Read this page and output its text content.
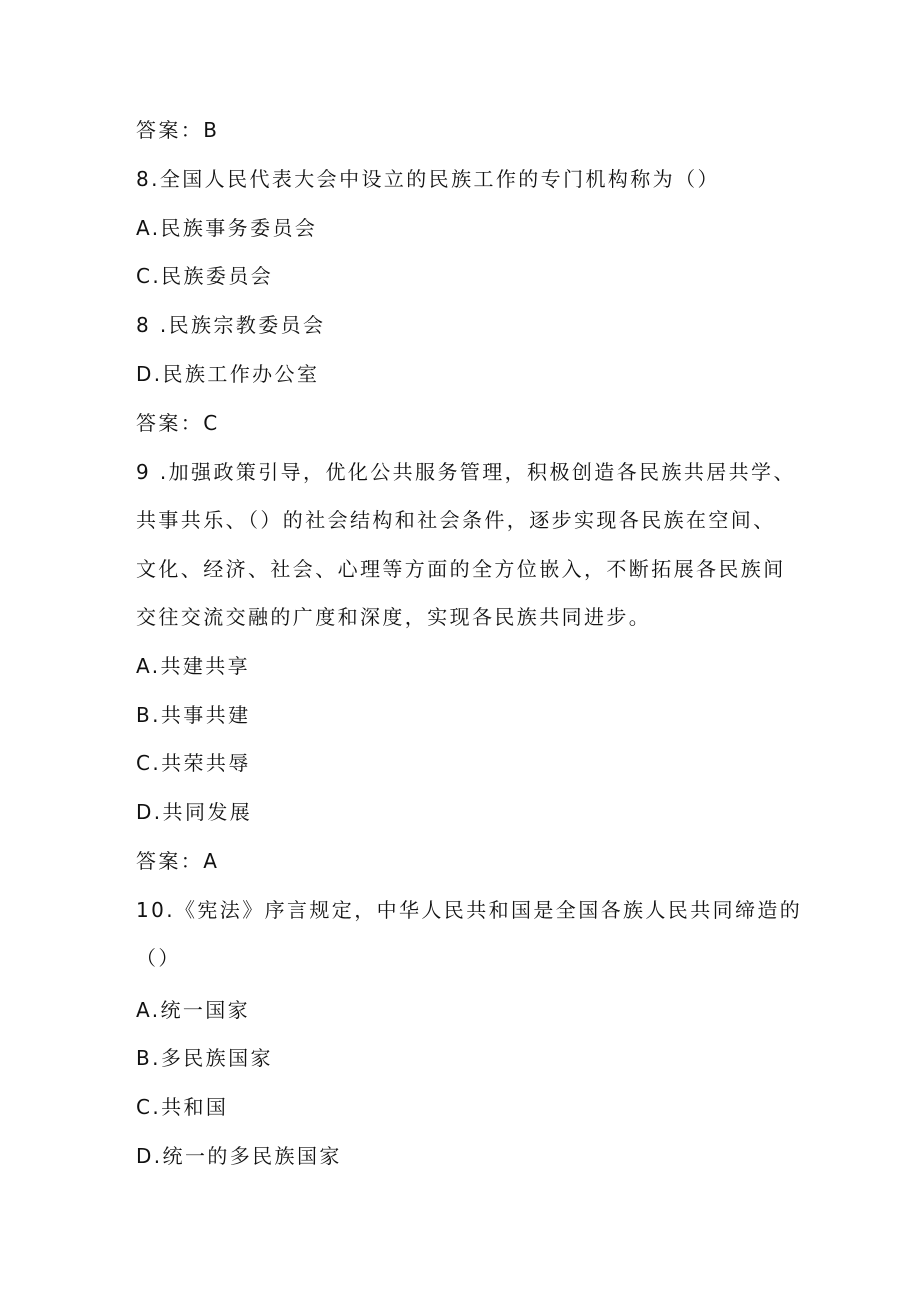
答案：B
8.全国人民代表大会中设立的民族工作的专门机构称为（）
A.民族事务委员会
C.民族委员会
8 .民族宗教委员会
D.民族工作办公室
答案：C
9 .加强政策引导，优化公共服务管理，积极创造各民族共居共学、
共事共乐、（）的社会结构和社会条件，逐步实现各民族在空间、
文化、经济、社会、心理等方面的全方位嵌入，不断拓展各民族间
交往交流交融的广度和深度，实现各民族共同进步。
A.共建共享
B.共事共建
C.共荣共辱
D.共同发展
答案：A
10.《宪法》序言规定，中华人民共和国是全国各族人民共同缔造的
（）
A.统一国家
B.多民族国家
C.共和国
D.统一的多民族国家
